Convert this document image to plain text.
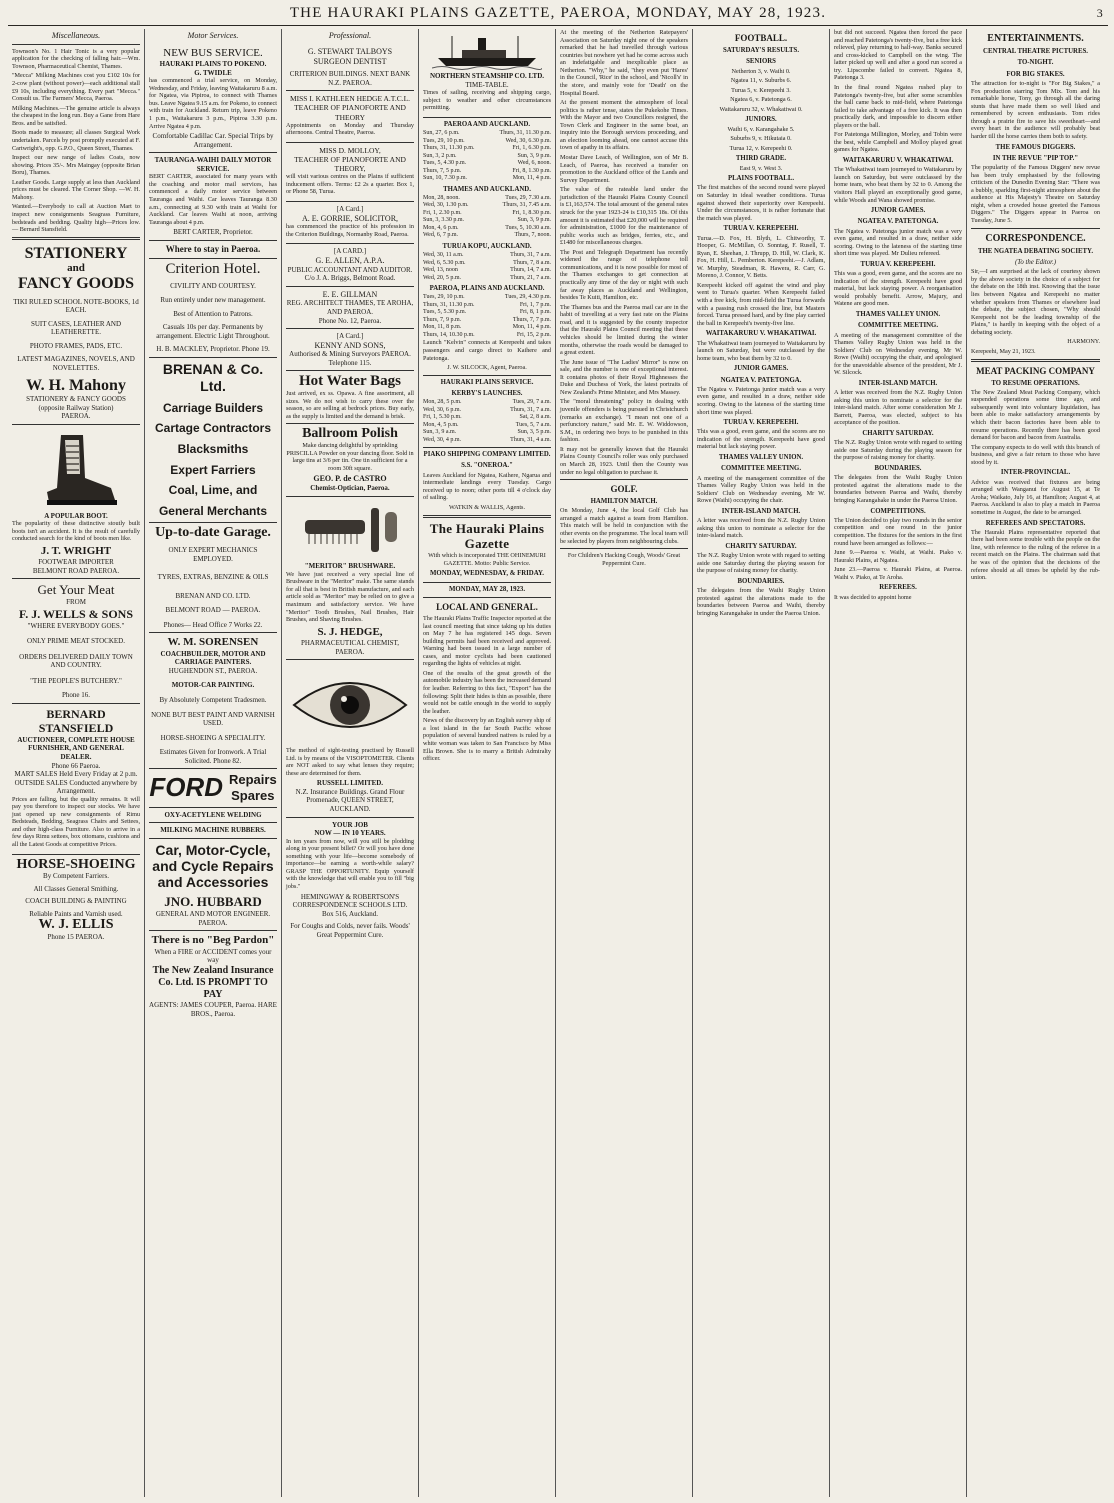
THE HAURAKI PLAINS GAZETTE, PAEROA, MONDAY, MAY 28, 1923.	3
Miscellaneous.
Townson's No. 1 Hair Tonic is a very popular application for the checking of falling hair.—Wm. Townson, Pharmaceutical Chemist, Thames.
"Mecca" Milking Machines cost you £102 10s for 2-cow plant (without power)—each additional stall £9 10s, including everything. Every part "Mecca." Consult us. The Farmers' Mecca, Paeroa.
Milking Machines.—The genuine article is always the cheapest in the long run. Buy a Gane from Hare Bros. and be satisfied.
Boots made to measure; all classes Surgical Work undertaken. Parcels by post promptly executed at F. Cartwright's, opp. G.P.O., Queen Street, Thames.
Inspect our new range of ladies Coats, now showing. Prices 35/-. Mrs Maingay (opposite Brian Boru), Thames.
Leather Goods. Large supply at less than Auckland prices must be cleared. The Corner Shop. —W. H. Mahony.
Wanted.—Everybody to call at Auction Mart to inspect new consignments Seagrass Furniture, bedsteads and bedding. Quality high—Prices low.— Bernard Stansfield.
STATIONERY
and
FANCY GOODS
TIKI RULED SCHOOL NOTE-BOOKS, 1d EACH.
SUIT CASES, LEATHER AND LEATHERETTE.
PHOTO FRAMES, PADS, ETC.
LATEST MAGAZINES, NOVELS, AND NOVELETTES.
W. H. Mahony
STATIONERY & FANCY GOODS
(opposite Railway Station)
PAEROA.
A POPULAR BOOT.
The popularity of these distinctive stoutly built boots isn't an accident. It is the result of carefully conducted search for the kind of boots men like.
J. T. WRIGHT
FOOTWEAR IMPORTER
BELMONT ROAD PAEROA.
Get Your Meat
FROM
F. J. WELLS & SONS
"WHERE EVERYBODY GOES."
ONLY PRIME MEAT STOCKED.
ORDERS DELIVERED DAILY TOWN AND COUNTRY.
"THE PEOPLE'S BUTCHERY."
Phone 16.
BERNARD STANSFIELD
AUCTIONEER, COMPLETE HOUSE FURNISHER, AND GENERAL DEALER.
Phone 66 Paeroa.
MART SALES Held Every Friday at 2 p.m. OUTSIDE SALES Conducted anywhere by Arrangement.
Prices are falling, but the quality remains. It will pay you therefore to inspect our stocks. We have just opened up new consignments of Rimu Bedsteads, Bedding, Seagrass Chairs and Settees, and other high-class Furniture. Also to arrive in a few days Rimu settees, box ottomans, cushions and all the Latest Goods at competitive Prices.
HORSE-SHOEING
By Competent Farriers.
All Classes General Smithing.
COACH BUILDING & PAINTING
Reliable Paints and Varnish used.
W. J. ELLIS
Phone 15 PAEROA.
Motor Services.
NEW BUS SERVICE.
HAURAKI PLAINS TO POKENO.
G. TWIDLE
has commenced a trial service, on Monday, Wednesday, and Friday, leaving Waitakaruru 8 a.m. for Ngatea, via Pipiroa, to connect with Thames bus. Leave Ngatea 9.15 a.m. for Pokeno, to connect with train for Auckland. Return trip, leave Pokeno 1 p.m., Waitakaruru 3 p.m., Pipiroa 3.30 p.m. Arrive Ngatea 4 p.m.
Comfortable Cadillac Car. Special Trips by Arrangement.
TAURANGA-WAIHI DAILY MOTOR SERVICE.
BERT CARTER, associated for many years with the coaching and motor mail services, has commenced a daily motor service between Tauranga and Waihi. Car leaves Tauranga 8.30 a.m., connecting at 9.30 with train at Waihi for Auckland. Car leaves Waihi at noon, arriving Tauranga about 4 p.m.
BERT CARTER, Proprietor.
Where to stay in Paeroa.
Criterion Hotel.
CIVILITY AND COURTESY.
Run entirely under new management.
Best of Attention to Patrons.
Casuals 10s per day. Permanents by arrangement. Electric Light Throughout.
H. B. MACKLEY, Proprietor. Phone 19.
BRENAN & Co. Ltd.
Carriage Builders
Cartage Contractors
Blacksmiths
Expert Farriers
Coal, Lime, and
General Merchants
Up-to-date Garage.
ONLY EXPERT MECHANICS EMPLOYED.
TYRES, EXTRAS, BENZINE & OILS
BRENAN AND CO. LTD.
BELMONT ROAD — PAEROA.
Phones— Head Office 7 Works 22.
W. M. SORENSEN
COACHBUILDER, MOTOR AND CARRIAGE PAINTERS.
HUGHENDON ST., PAEROA.
MOTOR-CAR PAINTING.
By Absolutely Competent Tradesmen.
NONE BUT BEST PAINT AND VARNISH USED.
HORSE-SHOEING A SPECIALITY.
Estimates Given for Ironwork. A Trial Solicited. Phone 82.
FORD Repairs
Spares
OXY-ACETYLENE WELDING
MILKING MACHINE RUBBERS.
Car, Motor-Cycle, and Cycle Repairs and Accessories
JNO. HUBBARD
GENERAL AND MOTOR ENGINEER. PAEROA.
There is no "Beg Pardon"
When a FIRE or ACCIDENT comes your way
The New Zealand Insurance Co. Ltd. IS PROMPT TO PAY
AGENTS: JAMES COUPER, Paeroa. HARE BROS., Paeroa.
Professional.
G. STEWART TALBOYS
SURGEON DENTIST
CRITERION BUILDINGS. NEXT BANK N.Z. PAEROA.
MISS I. KATHLEEN HEDGE A.T.C.L.
TEACHER OF PIANOFORTE AND THEORY
Appointments on Monday and Thursday afternoons. Central Theatre, Paeroa.
MISS D. MOLLOY,
TEACHER OF PIANOFORTE AND THEORY,
will visit various centres on the Plains if sufficient inducement offers. Terms: £2 2s a quarter. Box 1, or Phone 58, Turua.
[A Card.]
A. E. GORRIE, SOLICITOR,
has commenced the practice of his profession in the Criterion Buildings, Normanby Road, Paeroa.
[A CARD.]
G. E. ALLEN, A.P.A.
PUBLIC ACCOUNTANT AND AUDITOR.
C/o J. A. Briggs, Belmont Road.
E. E. GILLMAN
REG. ARCHITECT THAMES, TE AROHA, AND PAEROA.
Phone No. 12, Paeroa.
[A Card.]
KENNY AND SONS,
Authorised & Mining Surveyors PAEROA. Telephone 115.
Hot Water Bags
Just arrived, ex ss. Opawa. A fine assortment, all sizes. We do not wish to carry these over the season, so are selling at bedrock prices. Buy early, as the supply is limited and the demand is brisk.
Ballroom Polish
Make dancing delightful by sprinkling PRISCILLA Powder on your dancing floor. Sold in large tins at 3/6 per tin. One tin sufficient for a room 30ft square.
GEO. P. de CASTRO
Chemist-Optician, Paeroa.
"MERITOR" BRUSHWARE.
We have just received a very special line of Brushware in the "Meritor" make. The same stands for all that is best in British manufacture, and each article sold as "Meritor" may be relied on to give a maximum and satisfactory service. We have "Meritor" Tooth Brushes, Nail Brushes, Hair Brushes, and Shaving Brushes.
S. J. HEDGE,
PHARMACEUTICAL CHEMIST, PAEROA.
The method of sight-testing practised by Russell Ltd. is by means of the VISOPTOMETER. Clients are NOT asked to say what lenses they require; these are determined for them.
RUSSELL LIMITED.
N.Z. Insurance Buildings. Grand Flour Promenade, QUEEN STREET, AUCKLAND.
YOUR JOB
NOW — IN 10 YEARS.
In ten years from now, will you still be plodding along in your present billet? Or will you have done something with your life—become somebody of importance—be earning a worth-while salary? GRASP THE OPPORTUNITY. Equip yourself with the knowledge that will enable you to fill "big jobs."
HEMINGWAY & ROBERTSON'S CORRESPONDENCE SCHOOLS LTD. Box 516, Auckland.
For Coughs and Colds, never fails. Woods' Great Peppermint Cure.
NORTHERN STEAMSHIP CO. LTD.
TIME-TABLE.
Times of sailing, receiving and shipping cargo, subject to weather and other circumstances permitting.
PAEROA AND AUCKLAND.
Sun, 27, 6 p.m.	Thurs, 31, 11.30 p.m.
Tues, 29, 10 p.m.	Wed, 30, 6.30 p.m.
Thurs, 31, 11.30 p.m.	Fri, 1, 6.30 p.m.
Sun, 3, 2 p.m.	Sun, 3, 9 p.m.
Tues, 5, 4.30 p.m.	Wed, 6, noon.
Thurs, 7, 5 p.m.	Fri, 8, 1.30 p.m.
Sun, 10, 7.30 p.m.	Mon, 11, 4 p.m.
THAMES AND AUCKLAND.
Mon, 28, noon.	Tues, 29, 7.30 a.m.
Wed, 30, 1.30 p.m.	Thurs, 31, 7.45 a.m.
Fri, 1, 2.30 p.m.	Fri, 1, 8.30 p.m.
Sun, 3, 3.30 p.m.	Sun, 3, 9 p.m.
Mon, 4, 6 p.m.	Tues, 5, 10.30 a.m.
Wed, 6, 7 p.m.	Thurs, 7, noon.
TURUA KOPU, AUCKLAND.
Wed, 30, 11 a.m.	Thurs, 31, 7 a.m.
Wed, 6, 5.30 p.m.	Thurs, 7, 8 a.m.
Wed, 13, noon	Thurs, 14, 7 a.m.
Wed, 20, 5 p.m.	Thurs, 21, 7 a.m.
PAEROA, PLAINS AND AUCKLAND.
Tues, 29, 10 p.m.	Tues, 29, 4.30 p.m.
Thurs, 31, 11.30 p.m.	Fri, 1, 7 p.m.
Tues, 5, 5.30 p.m.	Fri, 8, 1 p.m.
Thurs, 7, 9 p.m.	Thurs, 7, 7 p.m.
Mon, 11, 8 p.m.	Mon, 11, 4 p.m.
Thurs, 14, 10.30 p.m.	Fri, 15, 2 p.m.
Launch "Kelvin" connects at Kerepeehi and takes passengers and cargo direct to Kaihere and Patetonga.
J. W. SILCOCK, Agent, Paeroa.
HAURAKI PLAINS SERVICE.
KERBY'S LAUNCHES.
Mon, 28, 5 p.m.	Tues, 29, 7 a.m.
Wed, 30, 6 p.m.	Thurs, 31, 7 a.m.
Fri, 1, 5.30 p.m.	Sat, 2, 8 a.m.
Mon, 4, 5 p.m.	Tues, 5, 7 a.m.
Sun, 3, 9 a.m.	Sun, 3, 5 p.m.
Wed, 30, 4 p.m.	Thurs, 31, 4 a.m.
PIAKO SHIPPING COMPANY LIMITED.
S.S. "ONEROA."
Leaves Auckland for Ngatea, Kaihere, Ngarua and intermediate landings every Tuesday. Cargo received up to noon; other ports till 4 o'clock day of sailing.
WATKIN & WALLIS, Agents.
The Hauraki Plains Gazette
With which is incorporated THE OHINEMURI GAZETTE. Motto: Public Service.
MONDAY, WEDNESDAY, & FRIDAY.
MONDAY, MAY 28, 1923.
LOCAL AND GENERAL.
The Hauraki Plains Traffic Inspector reported at the last council meeting that since taking up his duties on May 7 he has registered 145 dogs. Seven building permits had been received and approved. Warning had been issued in a large number of cases, and motor cyclists had been cautioned regarding the lights of vehicles at night.
One of the results of the great growth of the automobile industry has been the increased demand for leather. Referring to this fact, "Export" has the following: Split their hides is thin as possible, there would not be cattle enough in the world to supply the leather.
News of the discovery by an English survey ship of a lost island in the far South Pacific whose population of several hundred natives is ruled by a white woman was taken to San Francisco by Miss Ella Brown. She is to marry a British Admiralty officer.
At the meeting of the Netherton Ratepayers' Association on Saturday night one of the speakers remarked that he had travelled through various countries but nowhere yet had he come across such an indefatigable and inexplicable place as Netherton. "Why," he said, "they even put 'Hares' in the Council, 'Rice' in the school, and 'Nicoll's' in the store, and mainly vote for 'Death' on the Hospital Board.
At the present moment the atmosphere of local politics is rather tense, states the Pukekohe Times. With the Mayor and two Councillors resigned, the Town Clerk and Engineer in the same boat, an inquiry into the Borough services proceeding, and an election looming ahead, one cannot accuse this town of apathy in its affairs.
Mostar Dave Leach, of Wellington, son of Mr B. Leach, of Paeroa, has received a transfer on promotion to the Auckland office of the Lands and Survey Department.
The value of the rateable land under the jurisdiction of the Hauraki Plains County Council is £1,163,574. The total amount of the general rates struck for the year 1923-24 is £10,315 18s. Of this amount it is estimated that £20,000 will be required for administration, £1000 for the maintenance of public works such as bridges, ferries, etc., and £1480 for miscellaneous charges.
The Post and Telegraph Department has recently widened the range of telephone toll communications, and it is now possible for most of the Thames exchanges to get connection at practically any time of the day or night with such far away places as Auckland and Wellington, besides Te Kuiti, Hamilton, etc.
The Thames bus and the Paeroa mail car are in the habit of travelling at a very fast rate on the Plains road, and it is suggested by the county inspector that the Hauraki Plains Council meeting that these vehicles should be limited during the winter months, otherwise the roads would be damaged to a great extent.
The June issue of "The Ladies' Mirror" is now on sale, and the number is one of exceptional interest. It contains photos of their Royal Highnesses the Duke and Duchess of York, the latest portraits of New Zealand's Prime Minister, and Mrs Massey.
The "moral threatening" policy in dealing with juvenile offenders is being pursued in Christchurch (remarks an exchange). "I mean not one of a perfunctory nature," said Mr. E. W. Widdowson, S.M., in ordering two boys to be punished in this fashion.
It may not be generally known that the Hauraki Plains County Council's roller was only purchased on March 28, 1923. Until then the County was under no legal obligation to purchase it.
GOLF.
HAMILTON MATCH.
On Monday, June 4, the local Golf Club has arranged a match against a team from Hamilton. This match will be held in conjunction with the other events on the programme. The local team will be selected by players from neighbouring clubs.
For Children's Hacking Cough, Woods' Great Peppermint Cure.
FOOTBALL.
SATURDAY'S RESULTS.
SENIORS
Netherton 3, v. Waihi 0.
Ngatea 11, v. Suburbs 6.
Turua 5, v. Kerepeehi 3.
Ngatea 6, v. Patetonga 6.
Waitakaruru 32, v. Whakatiwai 0.
JUNIORS.
Waihi 6, v. Karangahake 5.
Suburbs 9, v. Hikutaia 0.
Turua 12, v. Kerepeehi 0.
THIRD GRADE.
East 9, v. West 3.
PLAINS FOOTBALL.
The first matches of the second round were played on Saturday in ideal weather conditions. Turua against showed their superiority over Kerepeehi. Under the circumstances, it is rather fortunate that the match was played.
TURUA V. KEREPEEHI.
Turua.—D. Fox, H. Blyth, L. Chitworthy, T. Hooper, G. McMillan, O. Sonntag, F. Rusell, T. Ryan, E. Sheehan, J. Thrupp, D. Hill, W. Clark, K. Fox, H. Hill, L. Pemberton. Kerepeehi.—J. Adlam, W. Murphy, Steadman, R. Hawera, R. Carr, G. Moreno, J. Connor, V. Betts.
Kerepeehi kicked off against the wind and play went to Turua's quarter. When Kerepeehi failed with a free kick, from mid-field the Turua forwards with a passing rush crossed the line, but Masters forced. Turua pressed hard, and by fine play carried the ball in Kerepeehi's twenty-five line.
WAITAKARURU V. WHAKATIWAI.
The Whakatiwai team journeyed to Waitakaruru by launch on Saturday, but were outclassed by the home team, who beat them by 32 to 0.
JUNIOR GAMES.
NGATEA V. PATETONGA.
The Ngatea v. Patetonga junior match was a very even game, and resulted in a draw, neither side scoring. Owing to the lateness of the starting time short time was played.
TURUA V. KEREPEEHI.
This was a good, even game, and the scores are no indication of the strength. Kerepeehi have good material but lack staying power.
THAMES VALLEY UNION.
COMMITTEE MEETING.
A meeting of the management committee of the Thames Valley Rugby Union was held in the Soldiers' Club on Wednesday evening, Mr W. Rowe (Waihi) occupying the chair.
INTER-ISLAND MATCH.
A letter was received from the N.Z. Rugby Union asking this union to nominate a selector for the inter-island match.
CHARITY SATURDAY.
The N.Z. Rugby Union wrote with regard to setting aside one Saturday during the playing season for the purpose of raising money for charity.
BOUNDARIES.
The delegates from the Waihi Rugby Union protested against the alterations made to the boundaries between Paeroa and Waihi, thereby bringing Karangahake in under the Paeroa Union.
but did not succeed. Ngatea then forced the pace and reached Patetonga's twenty-five, but a free kick relieved, play returning to half-way. Banks secured and cross-kicked to Campbell on the wing. The latter picked up well and after a good run scored a try. Lipscombe failed to convert. Ngatea 8, Patetonga 3.
In the final round Ngatea rushed play to Patetonga's twenty-five, but after some scrambles the ball came back to mid-field, where Patetonga failed to take advantage of a free kick. It was then practically dark, and impossible to discern either players or the ball.
For Patetonga Millington, Morley, and Tobin were the best, while Campbell and Molloy played great games for Ngatea.
WAITAKARURU V. WHAKATIWAI.
The Whakatiwai team journeyed to Waitakaruru by launch on Saturday, but were outclassed by the home team, who beat them by 32 to 0. Among the visitors Hall played an exceptionally good game, while Woods and Wana showed promise.
JUNIOR GAMES.
NGATEA V. PATETONGA.
The Ngatea v. Patetonga junior match was a very even game, and resulted in a draw, neither side scoring. Owing to the lateness of the starting time short time was played. Mr Dulieu refereed.
TURUA V. KEREPEEHI.
This was a good, even game, and the scores are no indication of the strength. Kerepeehi have good material, but lack staying power. A reorganisation would probably benefit. Arrow, Majury, and Watene are good men.
THAMES VALLEY UNION.
COMMITTEE MEETING.
A meeting of the management committee of the Thames Valley Rugby Union was held in the Soldiers' Club on Wednesday evening, Mr W. Rowe (Waihi) occupying the chair, and apologised for the unavoidable absence of the president, Mr J. W. Silcock.
INTER-ISLAND MATCH.
A letter was received from the N.Z. Rugby Union asking this union to nominate a selector for the inter-island match. After some consideration Mr J. Barrett, Paeroa, was elected, subject to his acceptance of the position.
CHARITY SATURDAY.
The N.Z. Rugby Union wrote with regard to setting aside one Saturday during the playing season for the purpose of raising money for charity.
BOUNDARIES.
The delegates from the Waihi Rugby Union protested against the alterations made to the boundaries between Paeroa and Waihi, thereby bringing Karangahake in under the Paeroa Union.
COMPETITIONS.
The Union decided to play two rounds in the senior competition and one round in the junior competition. The fixtures for the seniors in the first round have been arranged as follows:—
June 9.—Paeroa v. Waihi, at Waihi. Piako v. Hauraki Plains, at Ngatea.
June 23.—Paeroa v. Hauraki Plains, at Paeroa. Waihi v. Piako, at Te Aroha.
REFEREES.
It was decided to appoint home
ENTERTAINMENTS.
CENTRAL THEATRE PICTURES.
TO-NIGHT.
FOR BIG STAKES.
The attraction for to-night is "For Big Stakes," a Fox production starring Tom Mix. Tom and his remarkable horse, Tony, go through all the daring stunts that have made them so well liked and remembered by screen enthusiasts. Tom rides through a prairie fire to save his sweetheart—and every heart in the audience will probably beat harder till the horse carries them both to safety.
THE FAMOUS DIGGERS.
IN THE REVUE "PIP TOP."
The popularity of the Famous Diggers' new revue has been truly emphasised by the following criticism of the Dunedin Evening Star: "There was a bubbly, sparkling first-night atmosphere about the audience at His Majesty's Theatre on Saturday night, when a crowded house greeted the Famous Diggers." The Diggers appear in Paeroa on Tuesday, June 5.
CORRESPONDENCE.
THE NGATEA DEBATING SOCIETY.
(To the Editor.)
Sir,—I am surprised at the lack of courtesy shown by the above society in the choice of a subject for the debate on the 18th inst. Knowing that the issue lies between Ngatea and Kerepeehi no matter whether speakers from Thames or elsewhere lead the debate, the subject chosen, "Why should Kerepeehi not be the leading township of the Plains," is hardly in keeping with the object of a debating society.
HARMONY.
Kerepeehi, May 21, 1923.
MEAT PACKING COMPANY
TO RESUME OPERATIONS.
The New Zealand Meat Packing Company, which suspended operations some time ago, and subsequently went into voluntary liquidation, has been able to make satisfactory arrangements by which their bacon factories have been able to resume operations. Recently there has been good demand for bacon and bacon from Australia.
The company expects to do well with this branch of business, and give a fair return to those who have stood by it.
INTER-PROVINCIAL.
Advice was received that fixtures are being arranged with Wanganui for August 15, at Te Aroha; Waikato, July 16, at Hamilton; August 4, at Paeroa. Auckland is also to play a match in Paeroa sometime in August, the date to be arranged.
REFEREES AND SPECTATORS.
The Hauraki Plains representative reported that there had been some trouble with the people on the line, with reference to the ruling of the referee in a recent match on the Plains. The chairman said that he was of the opinion that the decisions of the referee should at all times be upheld by the rub-union.
